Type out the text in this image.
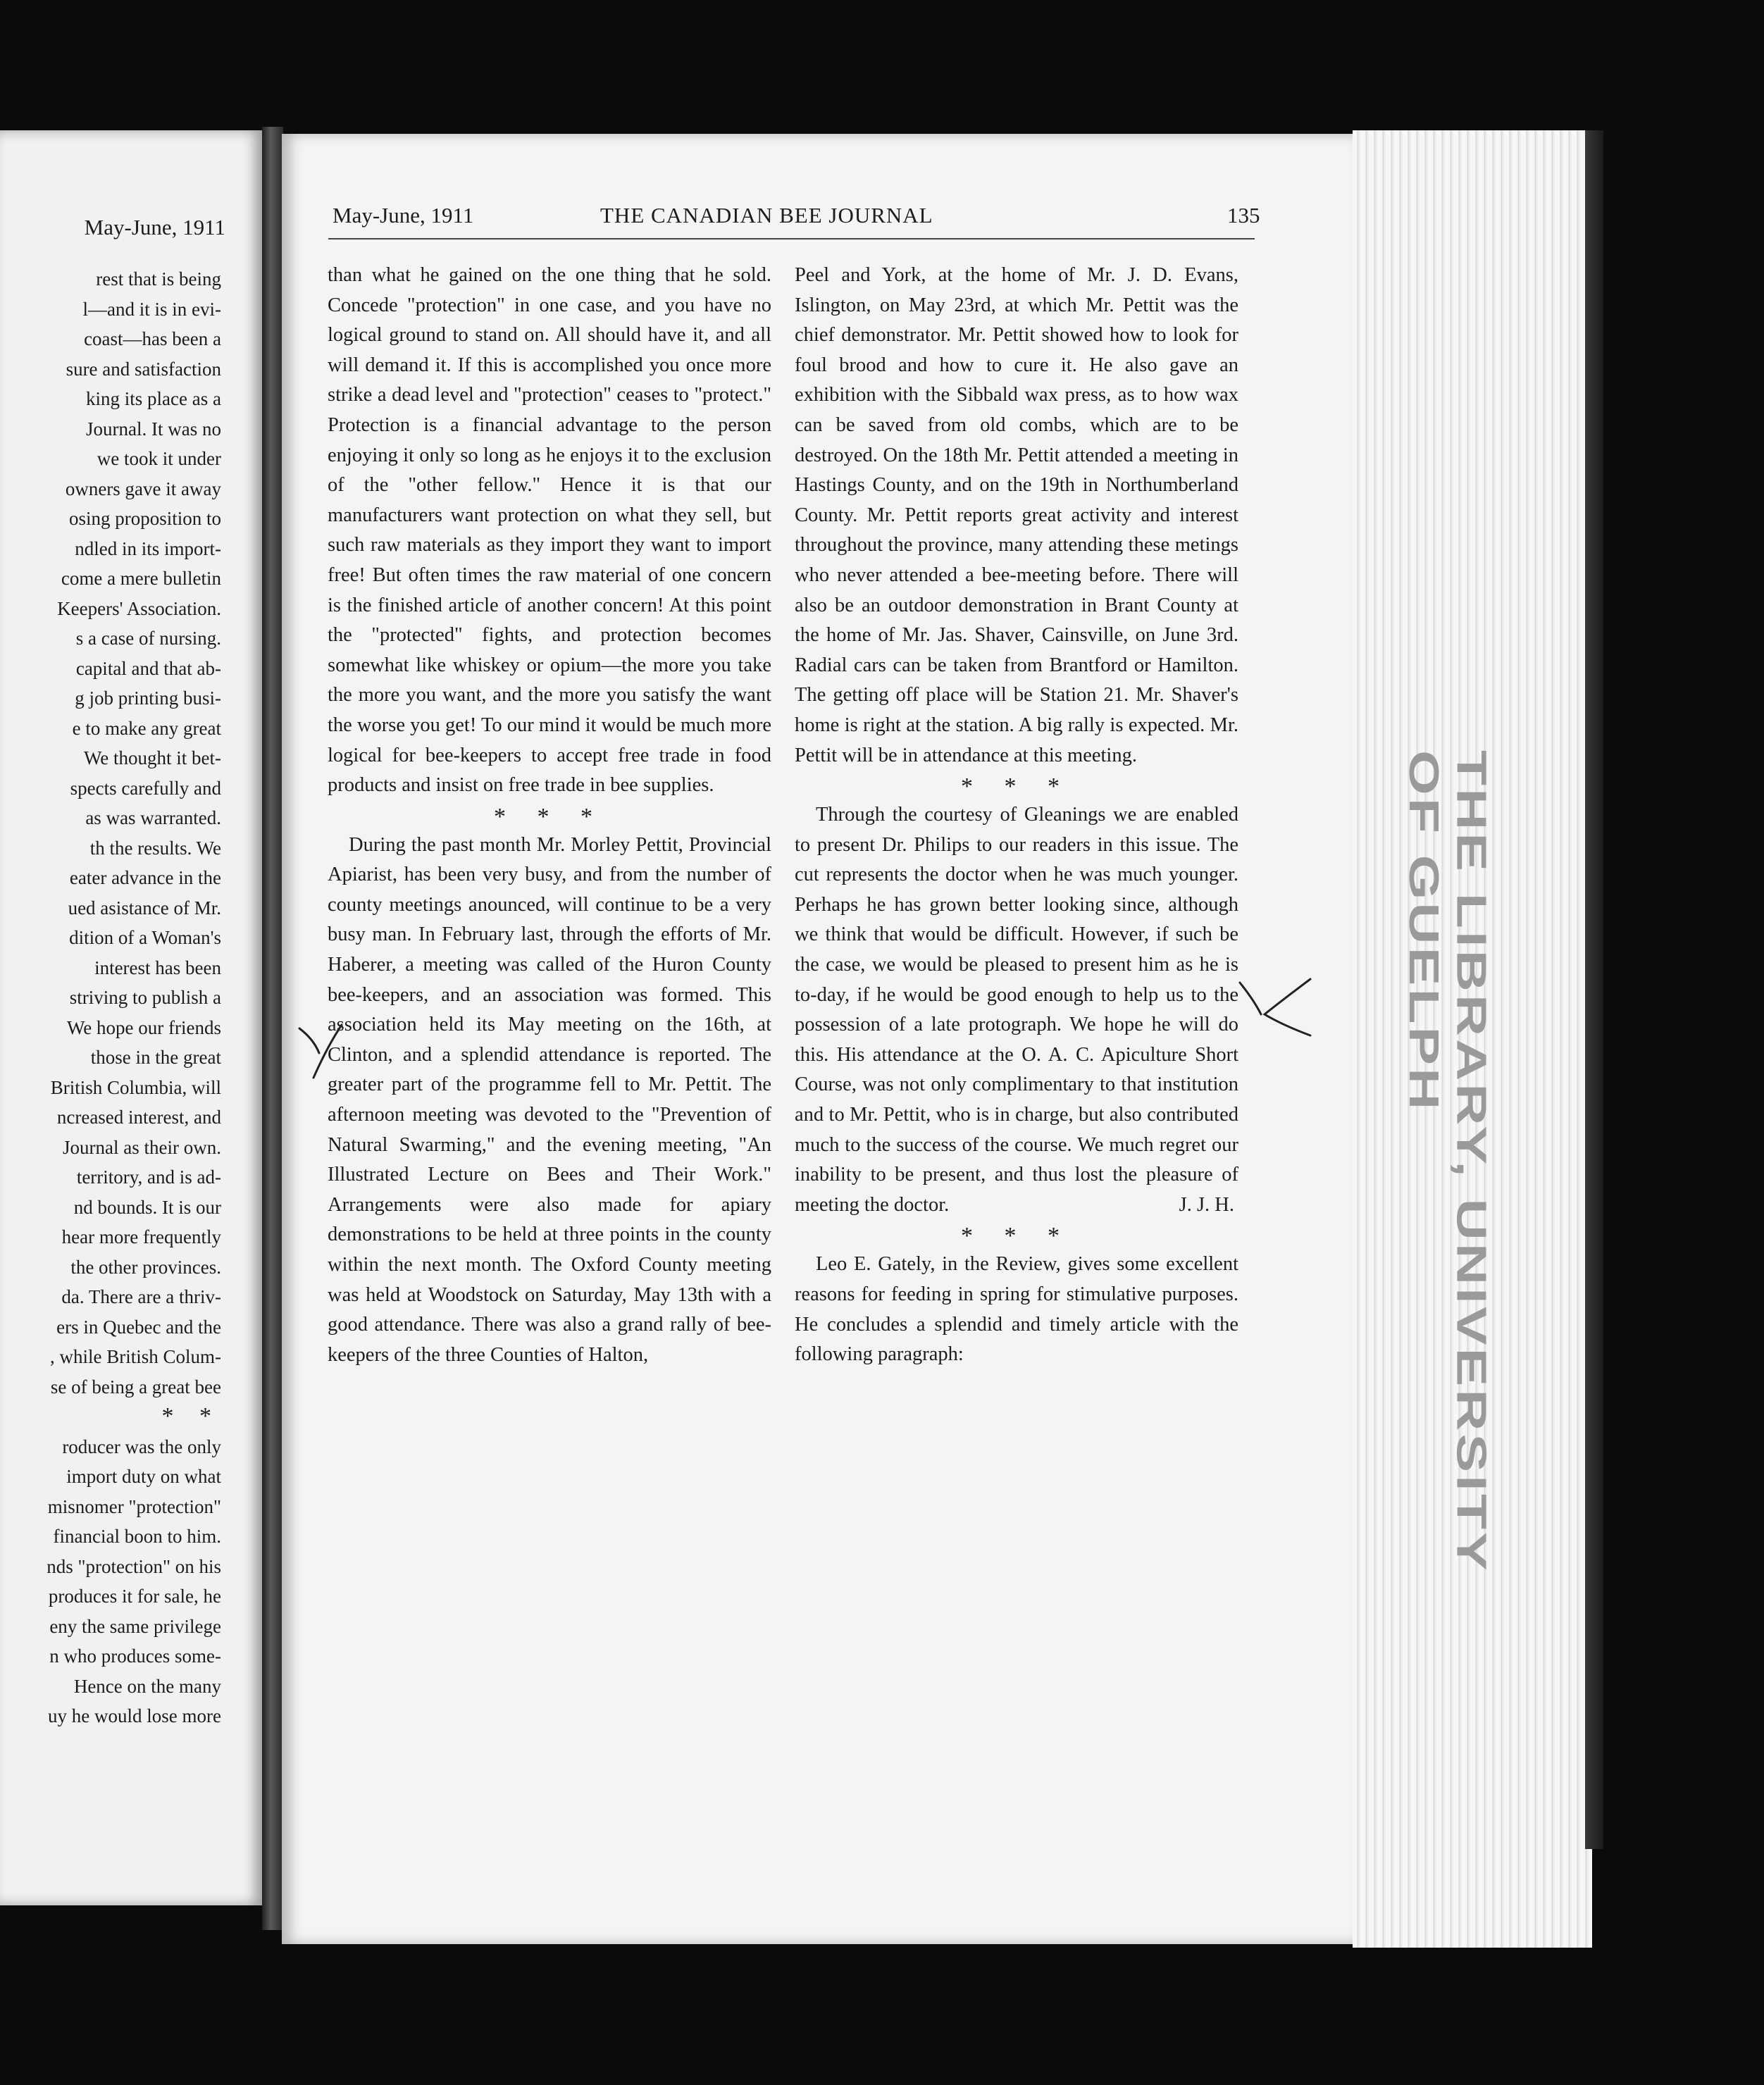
May-June, 1911
rest that is being
l—and it is in evi-
coast—has been a
sure and satisfaction
king its place as a
Journal. It was no
we took it under
owners gave it away
osing proposition to
ndled in its import-
come a mere bulletin
Keepers' Association.
s a case of nursing.
capital and that ab-
g job printing busi-
e to make any great
We thought it bet-
spects carefully and
as was warranted.
th the results. We
eater advance in the
ued asistance of Mr.
dition of a Woman's
interest has been
striving to publish a
We hope our friends
those in the great
British Columbia, will
ncreased interest, and
Journal as their own.
territory, and is ad-
nd bounds. It is our
hear more frequently
the other provinces.
da. There are a thriv-
ers in Quebec and the
, while British Colum-
se of being a great bee
* *
roducer was the only
import duty on what
misnomer "protection"
financial boon to him.
nds "protection" on his
produces it for sale, he
eny the same privilege
n who produces some-
Hence on the many
uy he would lose more
May-June, 1911	THE CANADIAN BEE JOURNAL	135

than what he gained on the one thing that he sold. Concede "protection" in one case, and you have no logical ground to stand on. All should have it, and all will demand it. If this is accomplished you once more strike a dead level and "protection" ceases to "protect." Protection is a financial advantage to the person enjoying it only so long as he enjoys it to the exclusion of the "other fellow." Hence it is that our manufacturers want protection on what they sell, but such raw materials as they import they want to import free! But often times the raw material of one concern is the finished article of another concern! At this point the "protected" fights, and protection becomes somewhat like whiskey or opium—the more you take the more you want, and the more you satisfy the want the worse you get! To our mind it would be much more logical for bee-keepers to accept free trade in food products and insist on free trade in bee supplies.

* * *

During the past month Mr. Morley Pettit, Provincial Apiarist, has been very busy, and from the number of county meetings anounced, will continue to be a very busy man. In February last, through the efforts of Mr. Haberer, a meeting was called of the Huron County bee-keepers, and an association was formed. This association held its May meeting on the 16th, at Clinton, and a splendid attendance is reported. The greater part of the programme fell to Mr. Pettit. The afternoon meeting was devoted to the "Prevention of Natural Swarming," and the evening meeting, "An Illustrated Lecture on Bees and Their Work." Arrangements were also made for apiary demonstrations to be held at three points in the county within the next month. The Oxford County meeting was held at Woodstock on Saturday, May 13th with a good attendance. There was also a grand rally of bee-keepers of the three Counties of Halton,

Peel and York, at the home of Mr. J. D. Evans, Islington, on May 23rd, at which Mr. Pettit was the chief demonstrator. Mr. Pettit showed how to look for foul brood and how to cure it. He also gave an exhibition with the Sibbald wax press, as to how wax can be saved from old combs, which are to be destroyed. On the 18th Mr. Pettit attended a meeting in Hastings County, and on the 19th in Northumberland County. Mr. Pettit reports great activity and interest throughout the province, many attending these metings who never attended a bee-meeting before. There will also be an outdoor demonstration in Brant County at the home of Mr. Jas. Shaver, Cainsville, on June 3rd. Radial cars can be taken from Brantford or Hamilton. The getting off place will be Station 21. Mr. Shaver's home is right at the station. A big rally is expected. Mr. Pettit will be in attendance at this meeting.

* * *

Through the courtesy of Gleanings we are enabled to present Dr. Philips to our readers in this issue. The cut represents the doctor when he was much younger. Perhaps he has grown better looking since, although we think that would be difficult. However, if such be the case, we would be pleased to present him as he is to-day, if he would be good enough to help us to the possession of a late protograph. We hope he will do this. His attendance at the O. A. C. Apiculture Short Course, was not only complimentary to that institution and to Mr. Pettit, who is in charge, but also contributed much to the success of the course. We much regret our inability to be present, and thus lost the pleasure of meeting the doctor.	J. J. H.
* * *

Leo E. Gately, in the Review, gives some excellent reasons for feeding in spring for stimulative purposes. He concludes a splendid and timely article with the following paragraph:	THE LIBRARY, UNIVERSITY OF GUELPH
